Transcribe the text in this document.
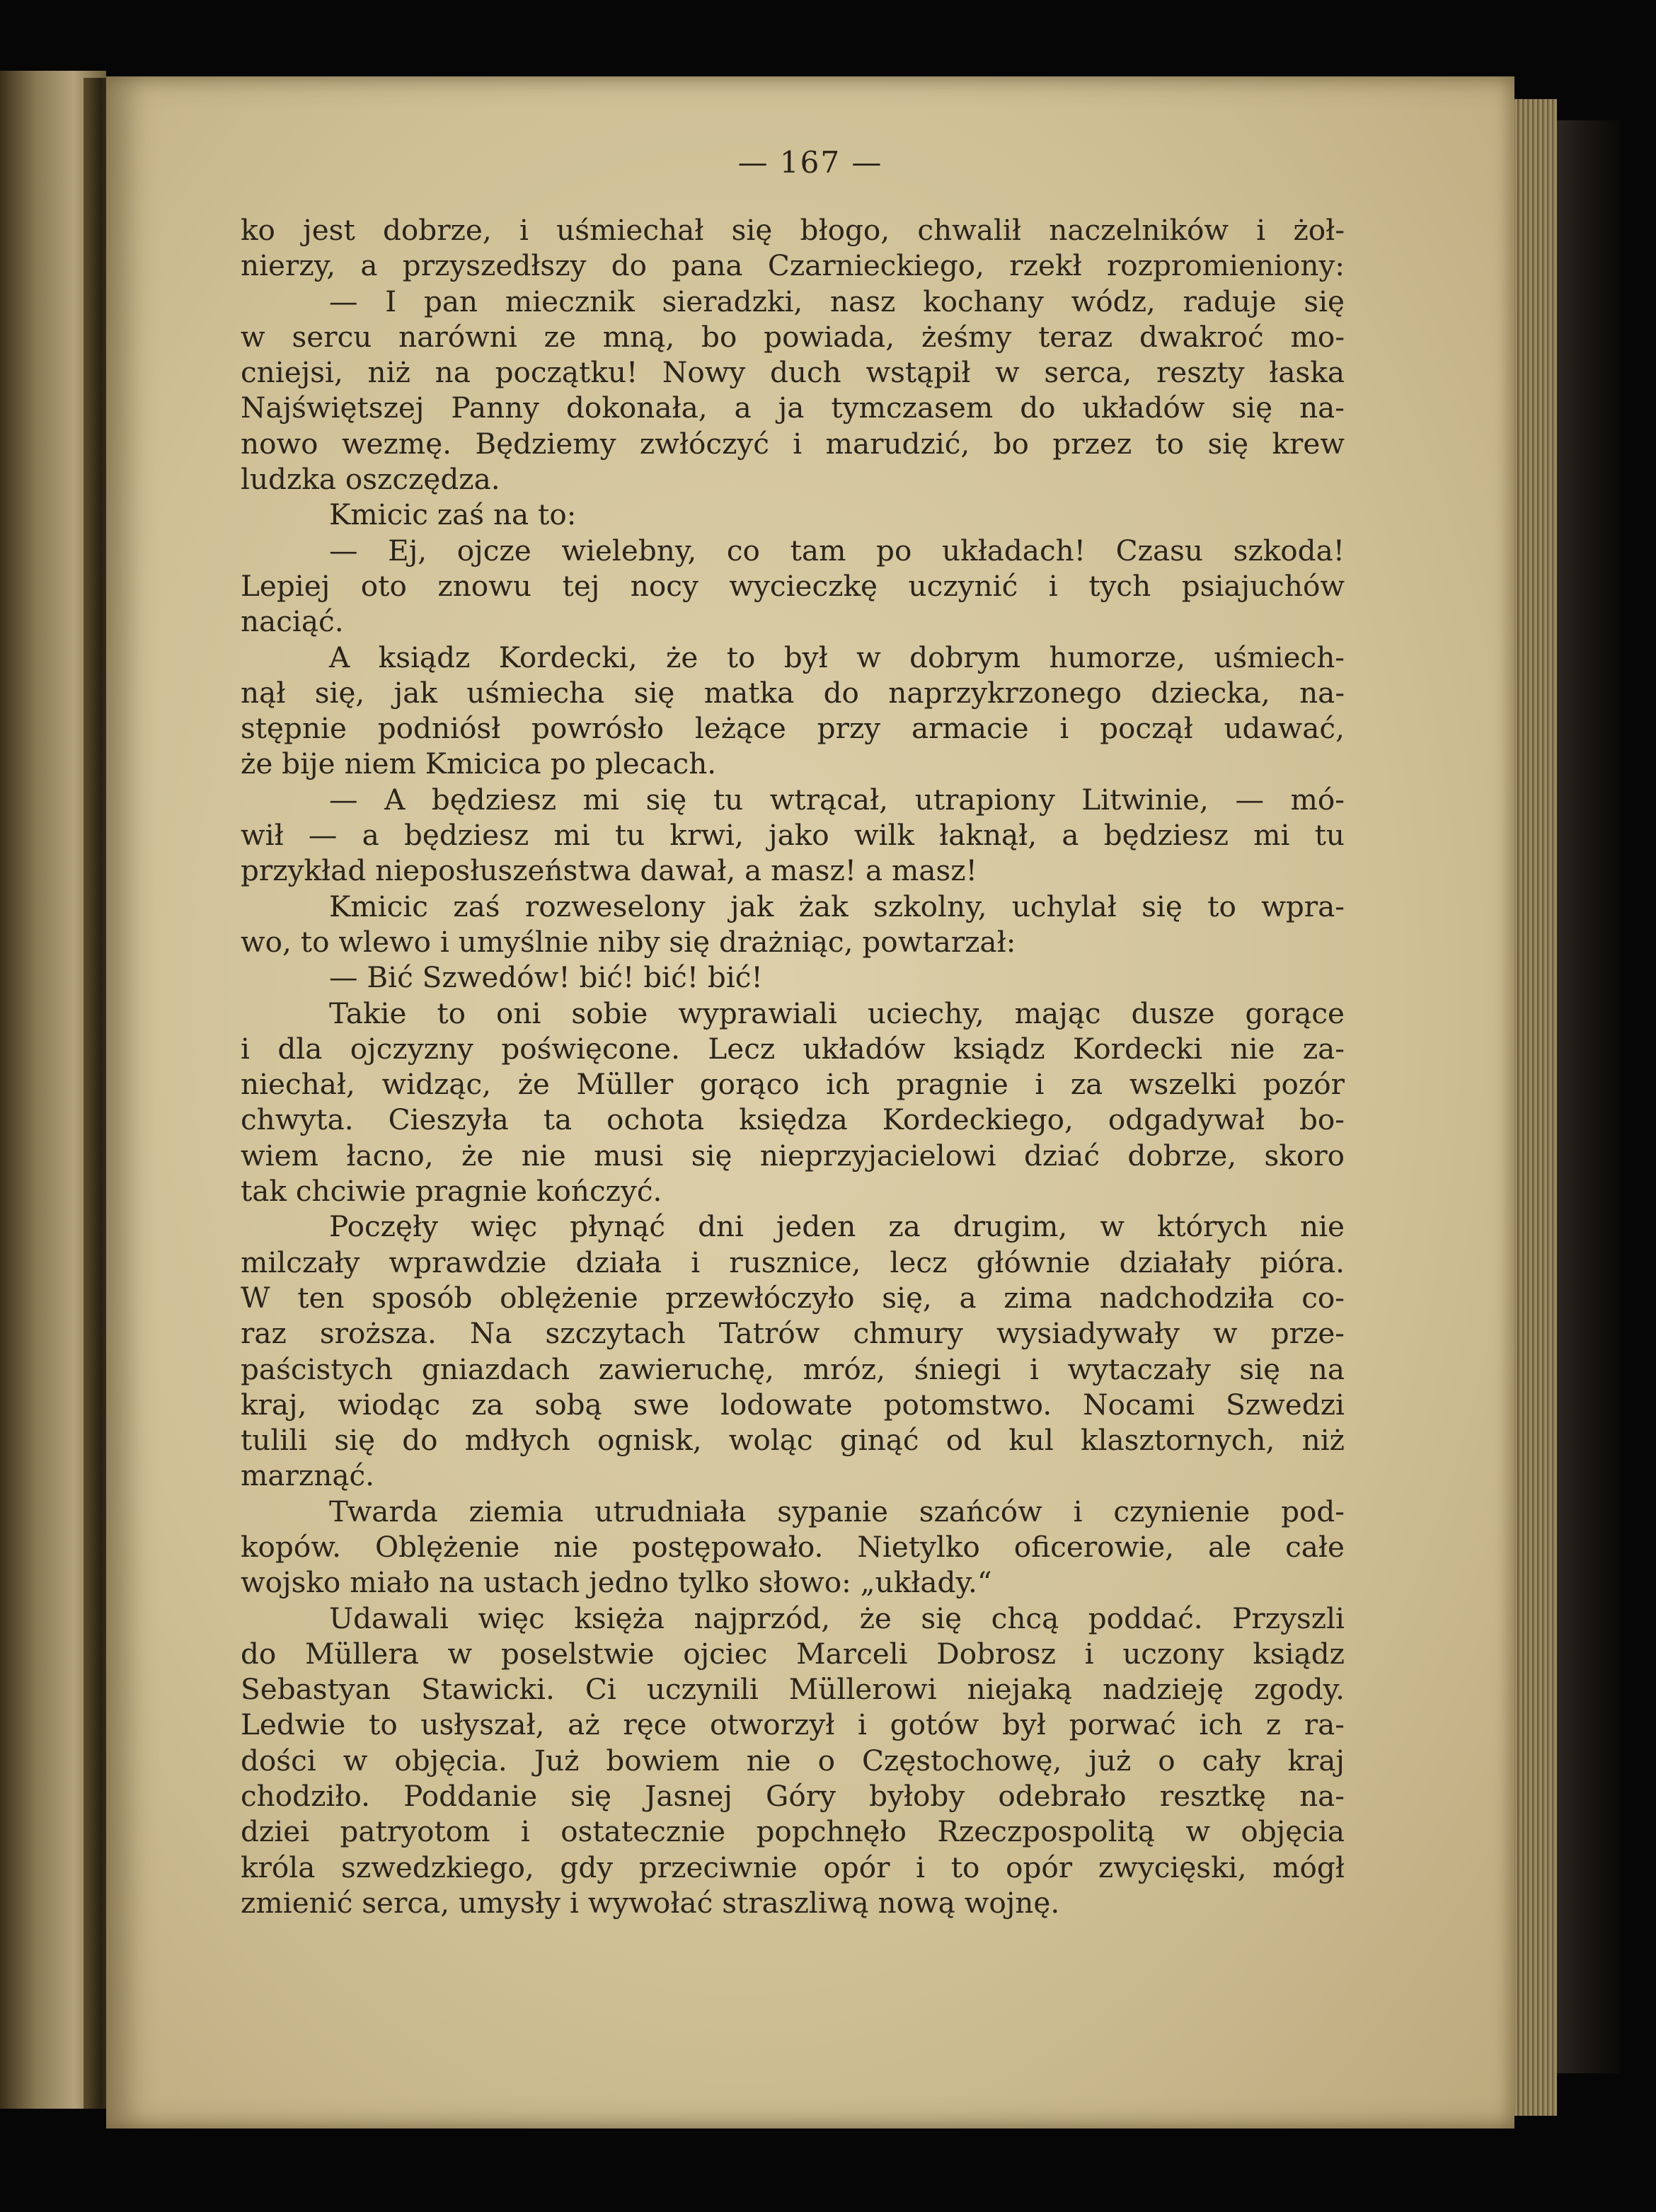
— 167 —
ko jest dobrze, i uśmiechał się błogo, chwalił naczelników i żoł-
nierzy, a przyszedłszy do pana Czarnieckiego, rzekł rozpromieniony:
— I pan miecznik sieradzki, nasz kochany wódz, raduje się
w sercu narówni ze mną, bo powiada, żeśmy teraz dwakroć mo-
cniejsi, niż na początku! Nowy duch wstąpił w serca, reszty łaska
Najświętszej Panny dokonała, a ja tymczasem do układów się na-
nowo wezmę. Będziemy zwłóczyć i marudzić, bo przez to się krew
ludzka oszczędza.
Kmicic zaś na to:
— Ej, ojcze wielebny, co tam po układach! Czasu szkoda!
Lepiej oto znowu tej nocy wycieczkę uczynić i tych psiajuchów
naciąć.
A ksiądz Kordecki, że to był w dobrym humorze, uśmiech-
nął się, jak uśmiecha się matka do naprzykrzonego dziecka, na-
stępnie podniósł powrósło leżące przy armacie i począł udawać,
że bije niem Kmicica po plecach.
— A będziesz mi się tu wtrącał, utrapiony Litwinie, — mó-
wił — a będziesz mi tu krwi, jako wilk łaknął, a będziesz mi tu
przykład nieposłuszeństwa dawał, a masz! a masz!
Kmicic zaś rozweselony jak żak szkolny, uchylał się to wpra-
wo, to wlewo i umyślnie niby się drażniąc, powtarzał:
— Bić Szwedów! bić! bić! bić!
Takie to oni sobie wyprawiali uciechy, mając dusze gorące
i dla ojczyzny poświęcone. Lecz układów ksiądz Kordecki nie za-
niechał, widząc, że Müller gorąco ich pragnie i za wszelki pozór
chwyta. Cieszyła ta ochota księdza Kordeckiego, odgadywał bo-
wiem łacno, że nie musi się nieprzyjacielowi dziać dobrze, skoro
tak chciwie pragnie kończyć.
Poczęły więc płynąć dni jeden za drugim, w których nie
milczały wprawdzie działa i rusznice, lecz głównie działały pióra.
W ten sposób oblężenie przewłóczyło się, a zima nadchodziła co-
raz sroższa. Na szczytach Tatrów chmury wysiadywały w prze-
paścistych gniazdach zawieruchę, mróz, śniegi i wytaczały się na
kraj, wiodąc za sobą swe lodowate potomstwo. Nocami Szwedzi
tulili się do mdłych ognisk, woląc ginąć od kul klasztornych, niż
marznąć.
Twarda ziemia utrudniała sypanie szańców i czynienie pod-
kopów. Oblężenie nie postępowało. Nietylko oficerowie, ale całe
wojsko miało na ustach jedno tylko słowo: „układy.“
Udawali więc księża najprzód, że się chcą poddać. Przyszli
do Müllera w poselstwie ojciec Marceli Dobrosz i uczony ksiądz
Sebastyan Stawicki. Ci uczynili Müllerowi niejaką nadzieję zgody.
Ledwie to usłyszał, aż ręce otworzył i gotów był porwać ich z ra-
dości w objęcia. Już bowiem nie o Częstochowę, już o cały kraj
chodziło. Poddanie się Jasnej Góry byłoby odebrało resztkę na-
dziei patryotom i ostatecznie popchnęło Rzeczpospolitą w objęcia
króla szwedzkiego, gdy przeciwnie opór i to opór zwycięski, mógł
zmienić serca, umysły i wywołać straszliwą nową wojnę.
